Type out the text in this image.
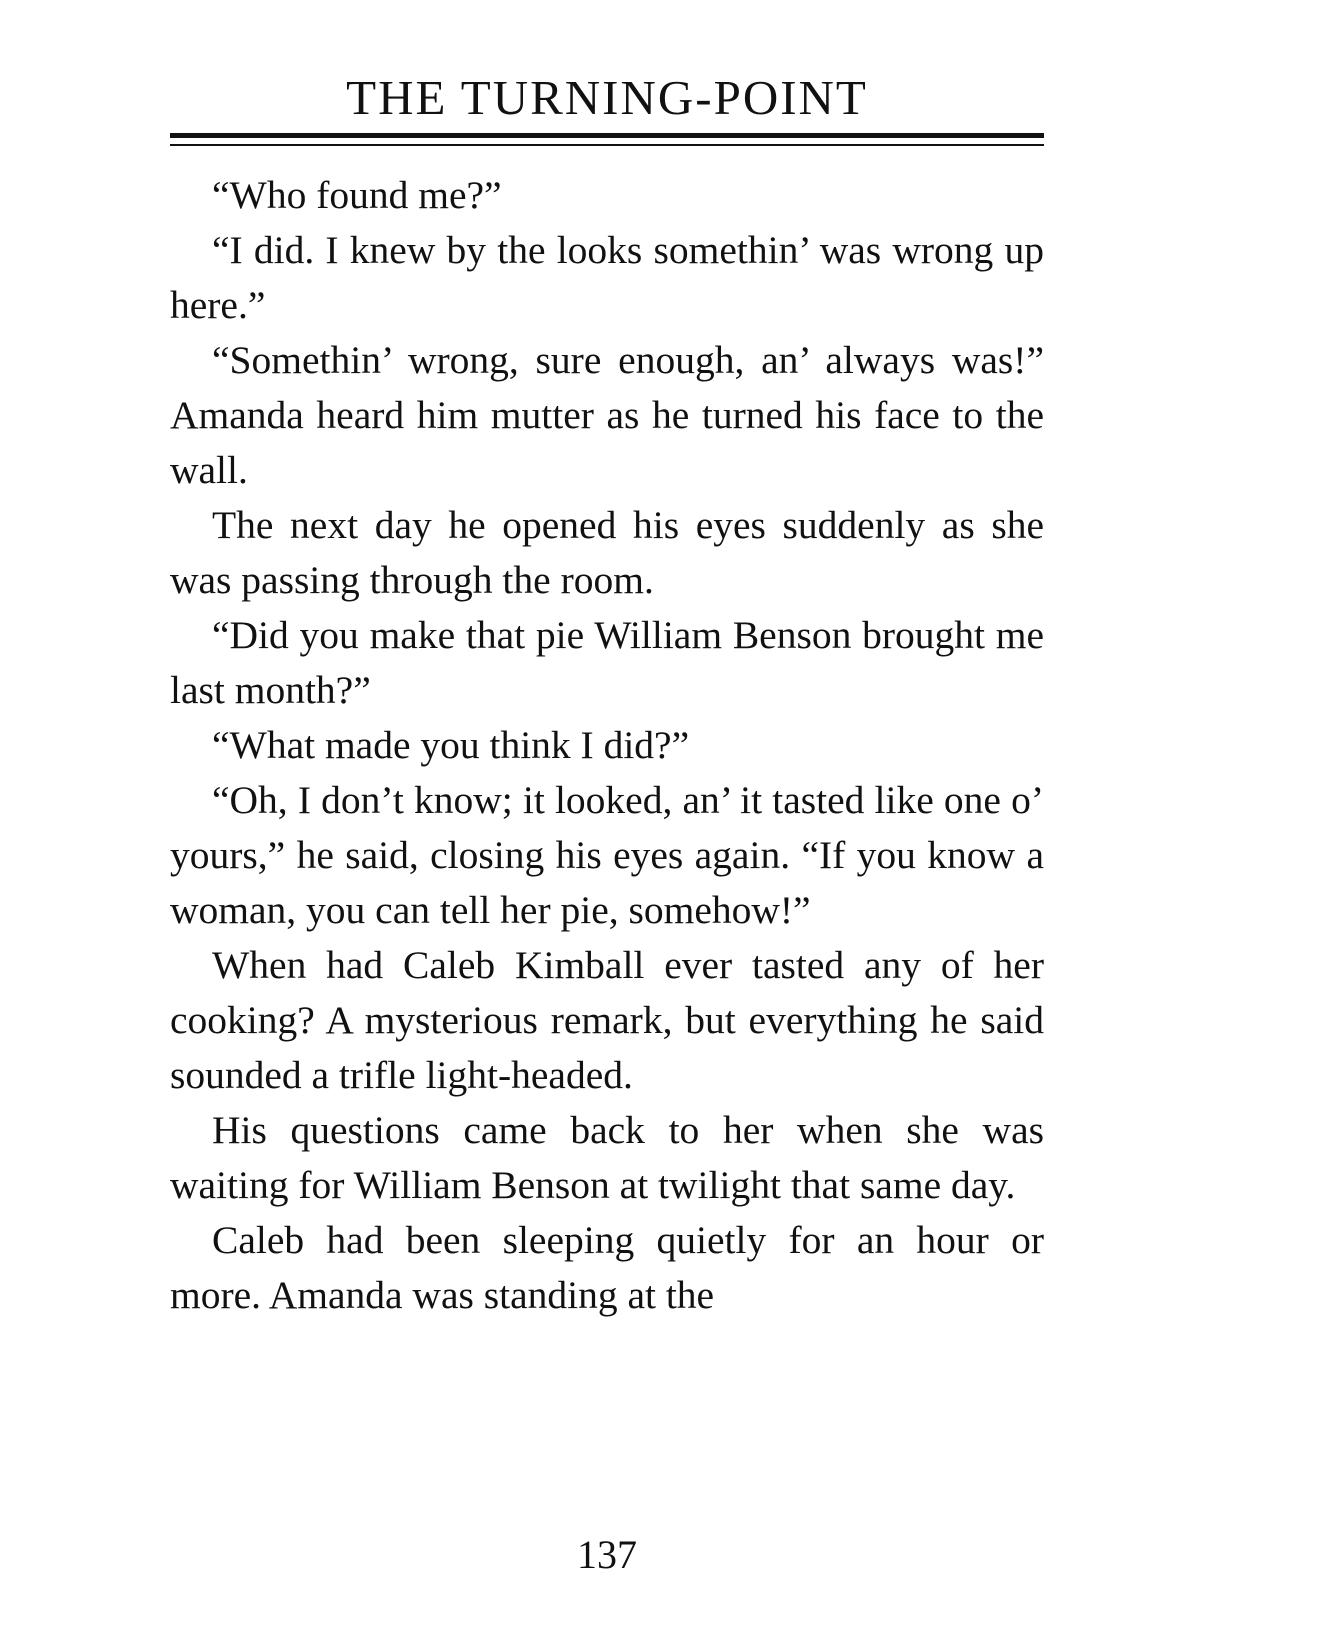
THE TURNING-POINT

“Who found me?”

“I did. I knew by the looks somethin’ was wrong up here.”

“Somethin’ wrong, sure enough, an’ always was!” Amanda heard him mutter as he turned his face to the wall.

The next day he opened his eyes suddenly as she was passing through the room.

“Did you make that pie William Benson brought me last month?”

“What made you think I did?”

“Oh, I don’t know; it looked, an’ it tasted like one o’ yours,” he said, closing his eyes again. “If you know a woman, you can tell her pie, somehow!”

When had Caleb Kimball ever tasted any of her cooking? A mysterious remark, but everything he said sounded a trifle light-headed.

His questions came back to her when she was waiting for William Benson at twilight that same day.

Caleb had been sleeping quietly for an hour or more. Amanda was standing at the

137
